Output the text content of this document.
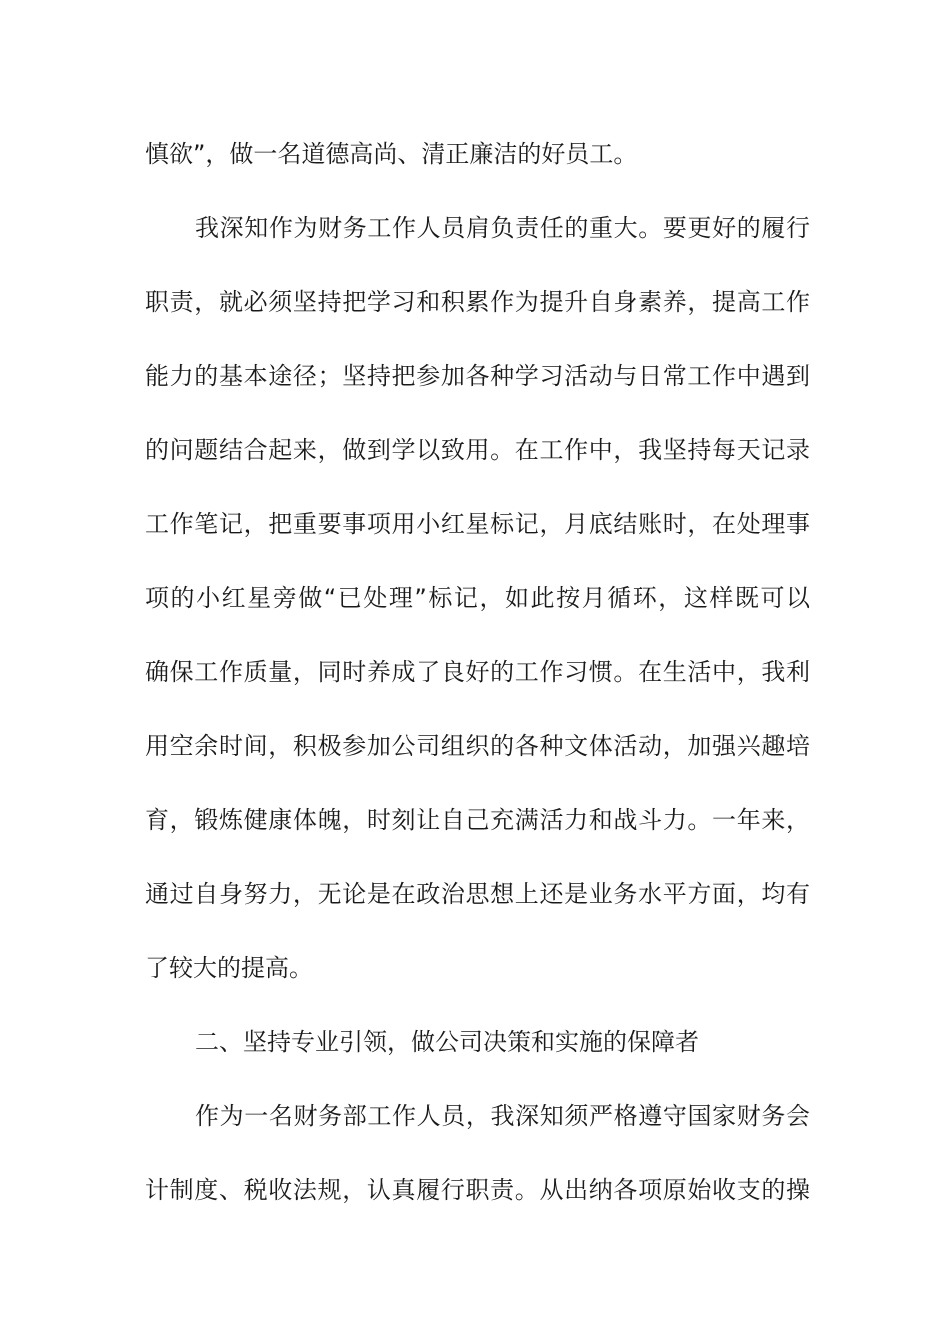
慎欲”，做一名道德高尚、清正廉洁的好员工。
我深知作为财务工作人员肩负责任的重大。要更好的履行
职责，就必须坚持把学习和积累作为提升自身素养，提高工作
能力的基本途径；坚持把参加各种学习活动与日常工作中遇到
的问题结合起来，做到学以致用。在工作中，我坚持每天记录
工作笔记，把重要事项用小红星标记，月底结账时，在处理事
项的小红星旁做“已处理”标记，如此按月循环，这样既可以
确保工作质量，同时养成了良好的工作习惯。在生活中，我利
用空余时间，积极参加公司组织的各种文体活动，加强兴趣培
育，锻炼健康体魄，时刻让自己充满活力和战斗力。一年来，
通过自身努力，无论是在政治思想上还是业务水平方面，均有
了较大的提高。
二、坚持专业引领，做公司决策和实施的保障者
作为一名财务部工作人员，我深知须严格遵守国家财务会
计制度、税收法规，认真履行职责。从出纳各项原始收支的操
